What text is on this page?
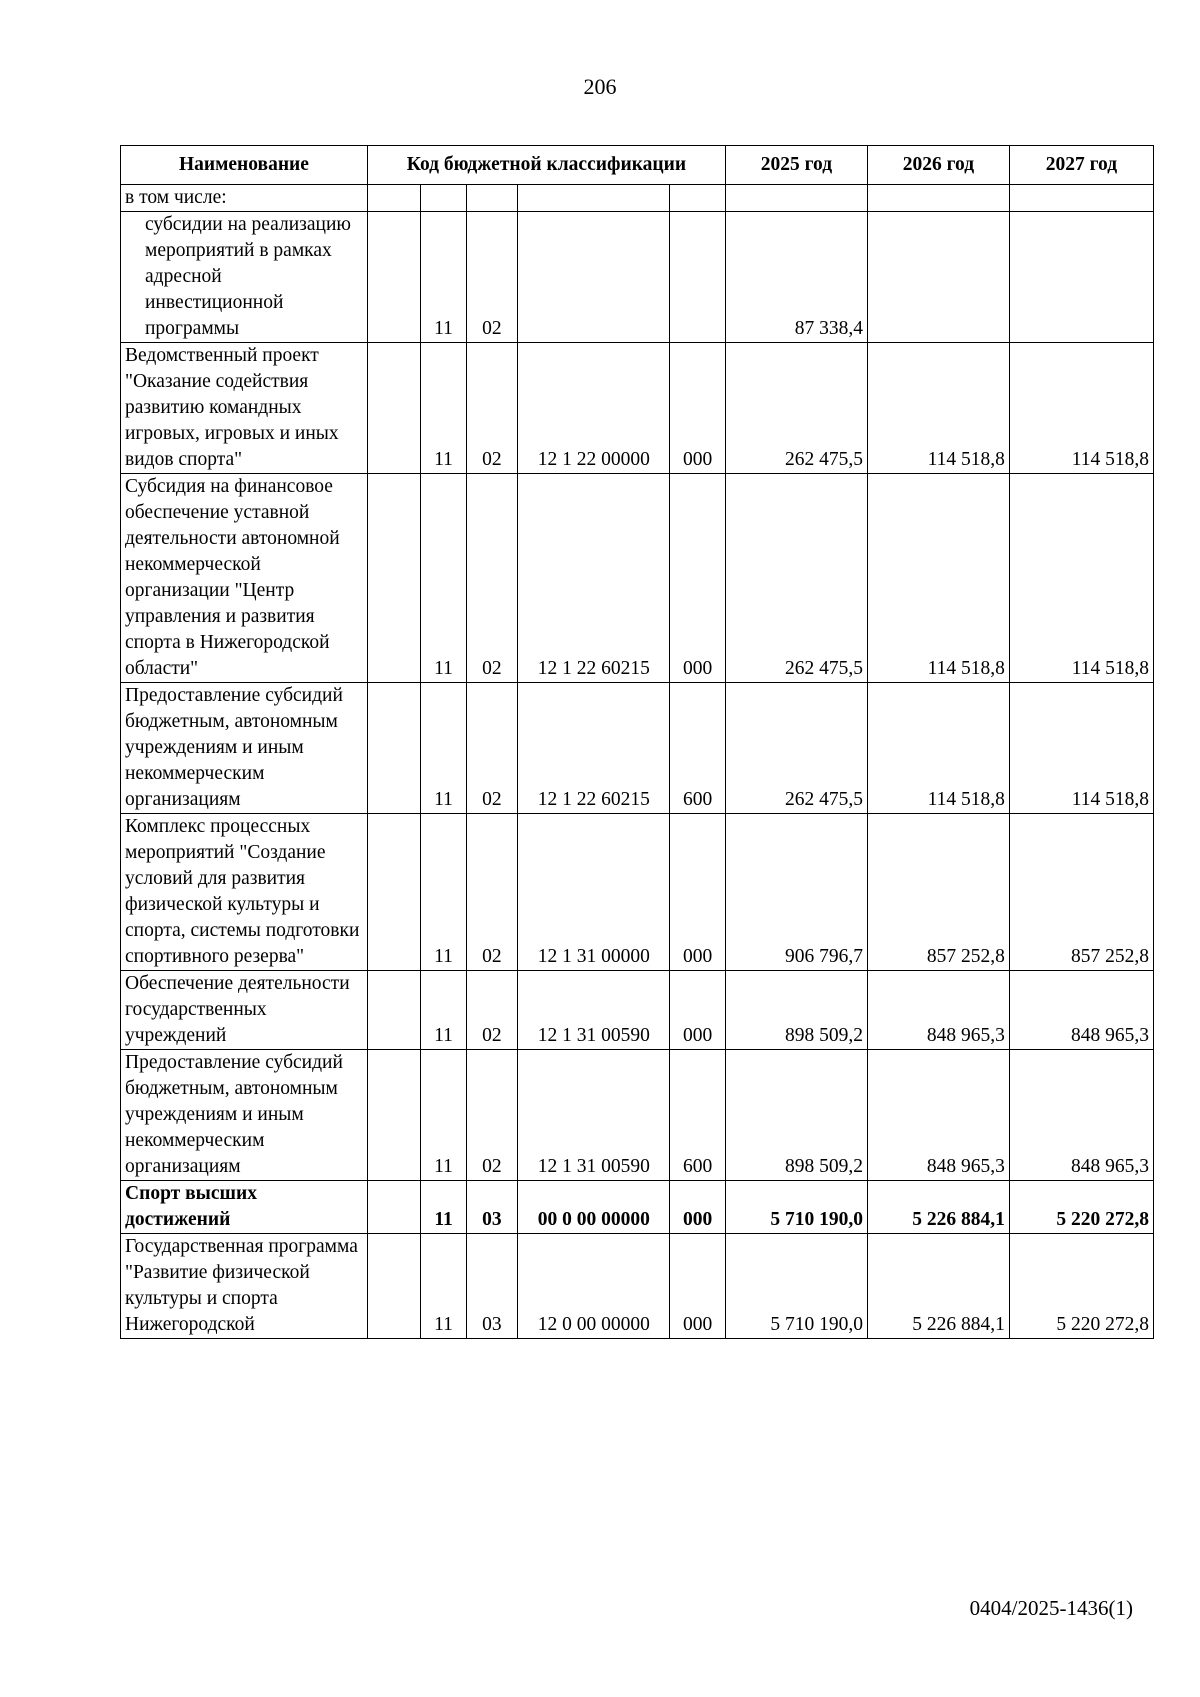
206
Наименование	Код бюджетной классификации					2025 год	2026 год	2027 год
в том числе:								
субсидии на реализацию мероприятий в рамках адресной инвестиционной программы		11	02			87 338,4		
Ведомственный проект "Оказание содействия развитию командных игровых, игровых и иных видов спорта"		11	02	12 1 22 00000	000	262 475,5	114 518,8	114 518,8
Субсидия на финансовое обеспечение уставной деятельности автономной некоммерческой организации "Центр управления и развития спорта в Нижегородской области"		11	02	12 1 22 60215	000	262 475,5	114 518,8	114 518,8
Предоставление субсидий бюджетным, автономным учреждениям и иным некоммерческим организациям		11	02	12 1 22 60215	600	262 475,5	114 518,8	114 518,8
Комплекс процессных мероприятий "Создание условий для развития физической культуры и спорта, системы подготовки спортивного резерва"		11	02	12 1 31 00000	000	906 796,7	857 252,8	857 252,8
Обеспечение деятельности государственных учреждений		11	02	12 1 31 00590	000	898 509,2	848 965,3	848 965,3
Предоставление субсидий бюджетным, автономным учреждениям и иным некоммерческим организациям		11	02	12 1 31 00590	600	898 509,2	848 965,3	848 965,3
Спорт высших достижений		11	03	00 0 00 00000	000	5 710 190,0	5 226 884,1	5 220 272,8
Государственная программа "Развитие физической культуры и спорта Нижегородской		11	03	12 0 00 00000	000	5 710 190,0	5 226 884,1	5 220 272,8
0404/2025-1436(1)
